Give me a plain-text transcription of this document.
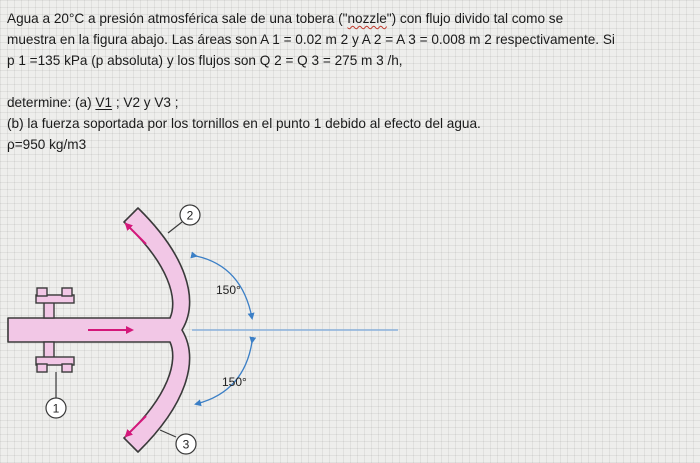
Agua a 20°C a presión atmosférica sale de una tobera ("nozzle") con flujo divido tal como se

muestra en la figura abajo. Las áreas son A 1 = 0.02 m 2 y A 2 = A 3 = 0.008 m 2 respectivamente. Si

p 1 =135 kPa (p absoluta) y los flujos son Q 2 = Q 3 = 275 m 3 /h,

determine: (a) V1 ; V2 y V3 ;

(b) la fuerza soportada por los tornillos en el punto 1 debido al efecto del agua.

ρ=950 kg/m3

1
2
3
150°
150°
